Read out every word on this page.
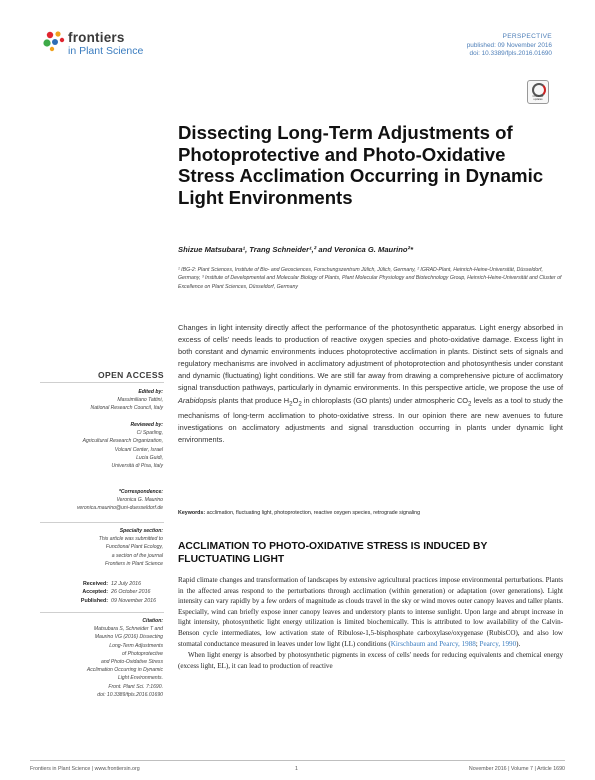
frontiers
in Plant Science
PERSPECTIVE
published: 09 November 2016
doi: 10.3389/fpls.2016.01690
Check for updates
Dissecting Long-Term Adjustments of Photoprotective and Photo-Oxidative Stress Acclimation Occurring in Dynamic Light Environments
Shizue Matsubara¹, Trang Schneider¹,² and Veronica G. Maurino²*
¹ IBG-2: Plant Sciences, Institute of Bio- and Geosciences, Forschungszentrum Jülich, Jülich, Germany, ² IGRAD-Plant, Heinrich-Heine-Universität, Düsseldorf, Germany, ³ Institute of Developmental and Molecular Biology of Plants, Plant Molecular Physiology and Biotechnology Group, Heinrich-Heine-Universität and Cluster of Excellence on Plant Sciences, Düsseldorf, Germany
Changes in light intensity directly affect the performance of the photosynthetic apparatus. Light energy absorbed in excess of cells' needs leads to production of reactive oxygen species and photo-oxidative damage. Excess light in both constant and dynamic environments induces photoprotective acclimation in plants. Distinct sets of signals and regulatory mechanisms are involved in acclimatory adjustment of photoprotection and photosynthesis under constant and dynamic (fluctuating) light conditions. We are still far away from drawing a comprehensive picture of acclimatory signal transduction pathways, particularly in dynamic environments. In this perspective article, we propose the use of Arabidopsis plants that produce $H_2O_2$ in chloroplasts (GO plants) under atmospheric $CO_2$ levels as a tool to study the mechanisms of long-term acclimation to photo-oxidative stress. In our opinion there are new avenues to future investigations on acclimatory adjustments and signal transduction occurring in plants under dynamic light environments.
Keywords: acclimation, fluctuating light, photoprotection, reactive oxygen species, retrograde signaling
ACCLIMATION TO PHOTO-OXIDATIVE STRESS IS INDUCED BY FLUCTUATING LIGHT

Rapid climate changes and transformation of landscapes by extensive agricultural practices impose environmental perturbations. Plants in the affected areas respond to the perturbations through acclimation (within generation) or adaptation (over generations). Light intensity can vary rapidly by a few orders of magnitude as clouds travel in the sky or wind moves outer canopy leaves and taller plants. Especially, wind can briefly expose inner canopy leaves and understory plants to intense sunlight. Upon large and abrupt increase in light intensity, photosynthetic light energy utilization is limited biochemically. This is attributed to low availability of the Calvin-Benson cycle intermediates, low activation state of Ribulose-1,5-bisphosphate carboxylase/oxygenase (RubisCO), and also low stomatal conductance measured in leaves under low light (LL) conditions (Kirschbaum and Pearcy, 1988; Pearcy, 1990).

When light energy is absorbed by photosynthetic pigments in excess of cells' needs for reducing equivalents and chemical energy (excess light, EL), it can lead to production of reactive

OPEN ACCESS
Edited by:
Massimiliano Tattini,
National Research Council, Italy
Reviewed by:
Ci Sparling,
Agricultural Research Organization,
Volcani Center, Israel
Lucia Guidi,
Università di Pisa, Italy
*Correspondence:
Veronica G. Maurino
veronica.maurino@uni-duesseldorf.de
Specialty section:
This article was submitted to
Functional Plant Ecology,
a section of the journal
Frontiers in Plant Science
Received: 12 July 2016
Accepted: 26 October 2016
Published: 09 November 2016
Citation:
Matsubara S, Schneider T and
Maurino VG (2016) Dissecting
Long-Term Adjustments
of Photoprotective
and Photo-Oxidative Stress
Acclimation Occurring in Dynamic
Light Environments.
Front. Plant Sci. 7:1690.
doi: 10.3389/fpls.2016.01690
Frontiers in Plant Science | www.frontiersin.org	1	November 2016 | Volume 7 | Article 1690
